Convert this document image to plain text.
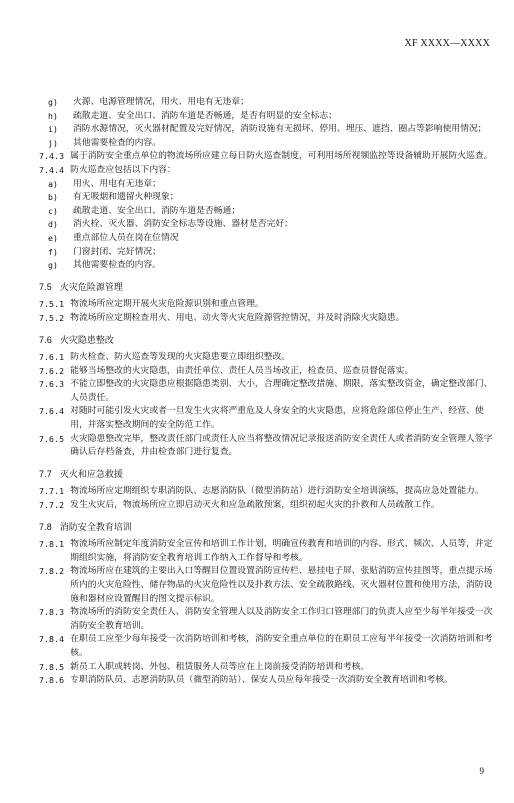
XF XXXX—XXXX
g)	火源、电源管理情况，用火、用电有无违章；
h)	疏散走道、安全出口、消防车道是否畅通，是否有明显的安全标志；
i)	消防水源情况，灭火器材配置及完好情况，消防设施有无损坏、停用、埋压、遮挡、圈占等影响使用情况；
j)	其他需要检查的内容。
7.4.3 属于消防安全重点单位的物流场所应建立每日防火巡查制度，可利用场所视频监控等设备辅助开展防火巡查。
7.4.4 防火巡查应包括以下内容：
a)	用火、用电有无违章；
b)	有无吸烟和遗留火种现象；
c)	疏散走道、安全出口、消防车道是否畅通；
d)	消火栓、灭火器、消防安全标志等设施、器材是否完好；
e)	重点部位人员在岗在位情况
f)	门窗封闭、完好情况；
g)	其他需要检查的内容。
7.5 火灾危险源管理
7.5.1 物流场所应定期开展火灾危险源识别和重点管理。
7.5.2 物流场所应定期检查用火、用电、动火等火灾危险源管控情况，并及时消除火灾隐患。
7.6 火灾隐患整改
7.6.1 防火检查、防火巡查等发现的火灾隐患要立即组织整改。
7.6.2 能够当场整改的火灾隐患，由责任单位、责任人员当场改正，检查员、巡查员督促落实。
7.6.3 不能立即整改的火灾隐患应根据隐患类别、大小，合理确定整改措施、期限，落实整改资金，确定整改部门、人员责任。
7.6.4 对随时可能引发火灾或者一旦发生火灾将严重危及人身安全的火灾隐患，应将危险部位停止生产、经营、使用，并落实整改期间的安全防范工作。
7.6.5 火灾隐患整改完毕，整改责任部门或责任人应当将整改情况记录报送消防安全责任人或者消防安全管理人签字确认后存档备查，并由检查部门进行复查。
7.7 灭火和应急救援
7.7.1 物流场所应定期组织专职消防队、志愿消防队（微型消防站）进行消防安全培训演练，提高应急处置能力。
7.7.2 发生火灾后，物流场所应立即启动灭火和应急疏散预案，组织初起火灾的扑救和人员疏散工作。
7.8 消防安全教育培训
7.8.1 物流场所应制定年度消防安全宣传和培训工作计划，明确宣传教育和培训的内容、形式、频次、人员等，并定期组织实施，将消防安全教育培训工作纳入工作督导和考核。
7.8.2 物流场所应在建筑的主要出入口等醒目位置设置消防宣传栏、悬挂电子屏、张贴消防宣传挂图等，重点提示场所内的火灾危险性、储存物品的火灾危险性以及扑救方法、安全疏散路线、灭火器材位置和使用方法，消防设施和器材应设置醒目的图文提示标识。
7.8.3 物流场所的消防安全责任人、消防安全管理人以及消防安全工作归口管理部门的负责人应至少每半年接受一次消防安全教育培训。
7.8.4 在职员工应至少每年接受一次消防培训和考核，消防安全重点单位的在职员工应每半年接受一次消防培训和考核。
7.8.5 新员工入职或转岗、外包、租赁服务人员等应在上岗前接受消防培训和考核。
7.8.6 专职消防队员、志愿消防队员（微型消防站）、保安人员应每年接受一次消防安全教育培训和考核。
9
